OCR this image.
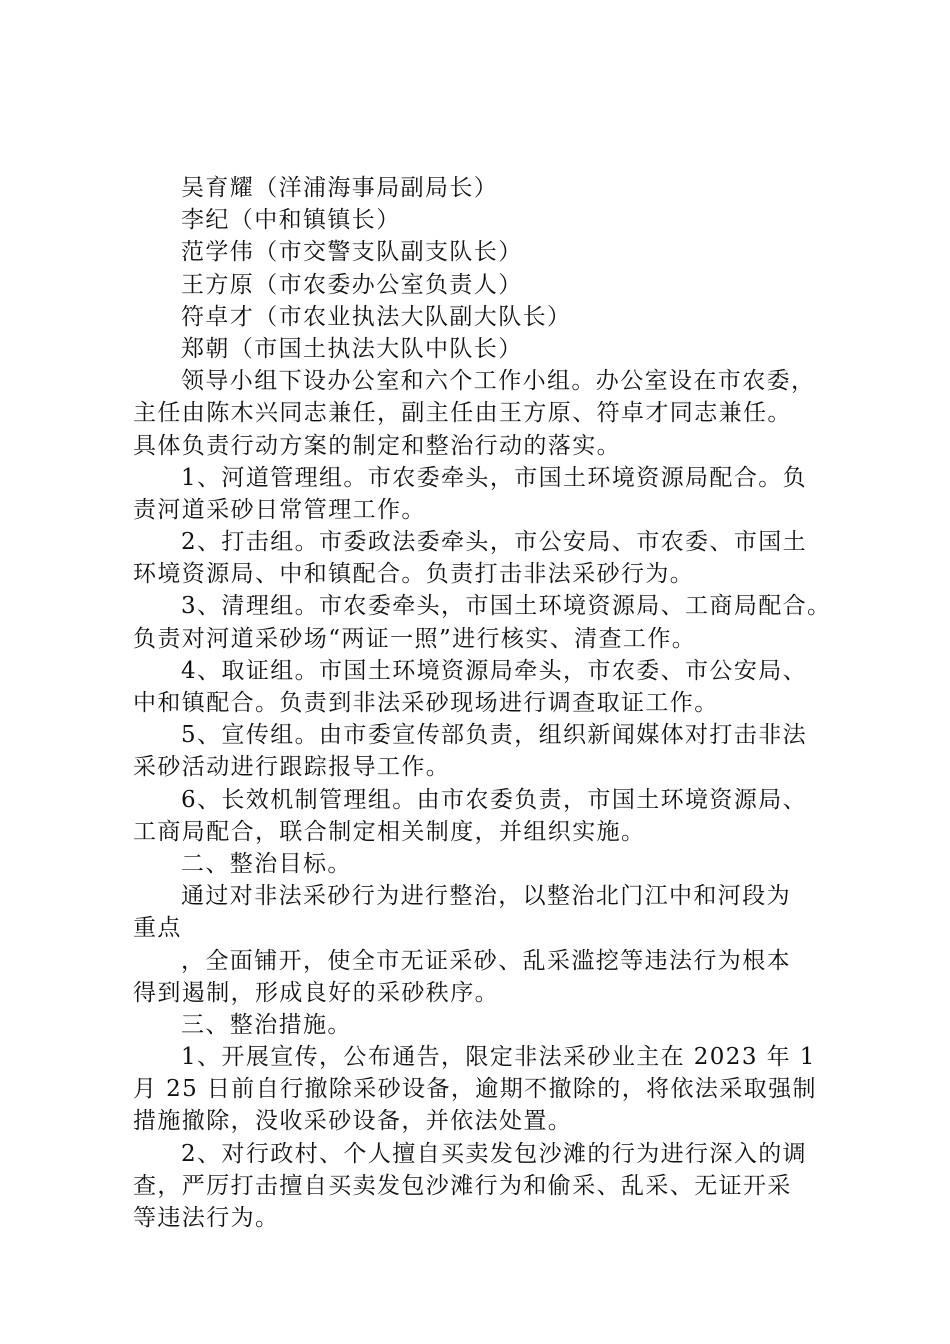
吴育耀（洋浦海事局副局长）
李纪（中和镇镇长）
范学伟（市交警支队副支队长）
王方原（市农委办公室负责人）
符卓才（市农业执法大队副大队长）
郑朝（市国土执法大队中队长）
领导小组下设办公室和六个工作小组。办公室设在市农委，
主任由陈木兴同志兼任，副主任由王方原、符卓才同志兼任。
具体负责行动方案的制定和整治行动的落实。
1、河道管理组。市农委牵头，市国土环境资源局配合。负
责河道采砂日常管理工作。
2、打击组。市委政法委牵头，市公安局、市农委、市国土
环境资源局、中和镇配合。负责打击非法采砂行为。
3、清理组。市农委牵头，市国土环境资源局、工商局配合。
负责对河道采砂场“两证一照”进行核实、清查工作。
4、取证组。市国土环境资源局牵头，市农委、市公安局、
中和镇配合。负责到非法采砂现场进行调查取证工作。
5、宣传组。由市委宣传部负责，组织新闻媒体对打击非法
采砂活动进行跟踪报导工作。
6、长效机制管理组。由市农委负责，市国土环境资源局、
工商局配合，联合制定相关制度，并组织实施。
二、整治目标。
通过对非法采砂行为进行整治，以整治北门江中和河段为
重点
，全面铺开，使全市无证采砂、乱采滥挖等违法行为根本
得到遏制，形成良好的采砂秩序。
三、整治措施。
1、开展宣传，公布通告，限定非法采砂业主在 2023 年 1
月 25 日前自行撤除采砂设备，逾期不撤除的，将依法采取强制
措施撤除，没收采砂设备，并依法处置。
2、对行政村、个人擅自买卖发包沙滩的行为进行深入的调
查，严厉打击擅自买卖发包沙滩行为和偷采、乱采、无证开采
等违法行为。
